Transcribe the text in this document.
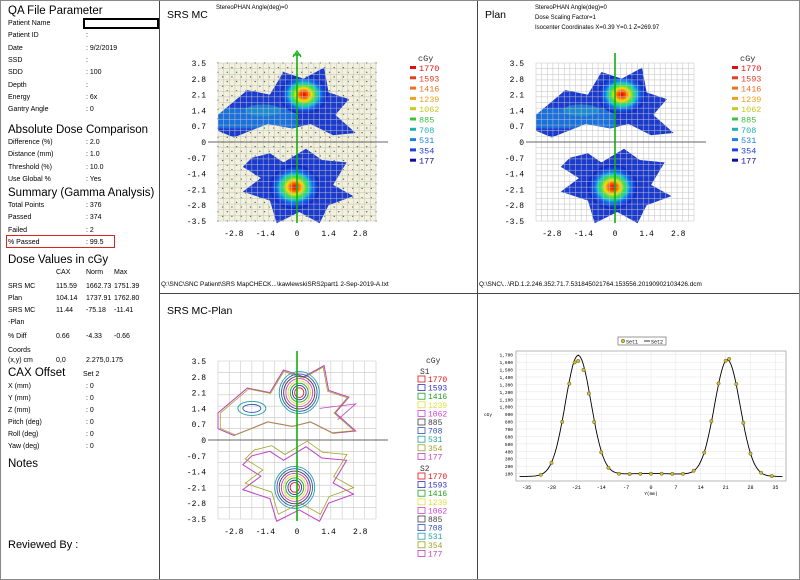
QA File Parameter
Patient Name
Patient ID	:
Date	: 9/2/2019
SSD	:
SDD	: 100
Depth	:
Energy	: 6x
Gantry Angle	: 0
Absolute Dose Comparison
Difference (%)	: 2.0
Distance (mm)	: 1.0
Threshold (%)	: 10.0
Use Global %	: Yes
Summary (Gamma Analysis)
Total Points	: 376
Passed	: 374
Failed	: 2
% Passed	: 99.5
Dose Values in cGy
CAX Norm Max
SRS MC	115.59 1662.73 1751.39
Plan	104.14 1737.91 1762.80
SRS MC	11.44 -75.18 -11.41
-Plan
% Diff	0.66 -4.33 -0.66
Coords
(x,y) cm	0,0	2.275,0.175
CAX Offset	Set 2
X (mm)	: 0
Y (mm)	: 0
Z (mm)	: 0
Pitch (deg)	: 0
Roll (deg)	: 0
Yaw (deg)	: 0
Notes
Reviewed By :
SRS MC
StereoPHAN Angle(deg)=0
3.5
2.8
2.1
1.4
0.7
0
-0.7
-1.4
-2.1
-2.8
-3.5
-2.8 -1.4 0	1.4 2.8
cGy
1770
1593
1416
1239
1062
885
708
531
354
177
Q:\SNC\SNC Patient\SRS MapCHECK...\kawlewskiSRS2part1 2-Sep-2019-A.txt
Plan
StereoPHAN Angle(deg)=0
Dose Scaling Factor=1
Isocenter Coordinates X=0.39 Y=0.1 Z=269.97
3.5
2.8
2.1
1.4
0.7
0
-0.7
-1.4
-2.1
-2.8
-3.5
-2.8 -1.4 0	1.4 2.8
cGy
1770
1593
1416
1239
1062
885
708
531
354
177
Q:\SNC\...\RD.1.2.246.352.71.7.531845021764.153556.20190902103426.dcm
SRS MC-Plan
3.5
2.8
2.1
1.4
0.7
0
-0.7
-1.4
-2.1
-2.8
-3.5
-2.8 -1.4 0	1.4 2.8
cGy
S1
1770
1593
1416
1239
1062
885
708
531
354
177
S2
1770
1593
1416
1239
1062
885
708
531
354
177
Set1	Set2
-35	-28	-21	-14	-7	0	7	14	21	28	35
1,700
1,600
1,500
1,400
1,300
1,200
1,100
1,000
900
800
700
600
500
400
300
200
100
cGy
Y(mm)
